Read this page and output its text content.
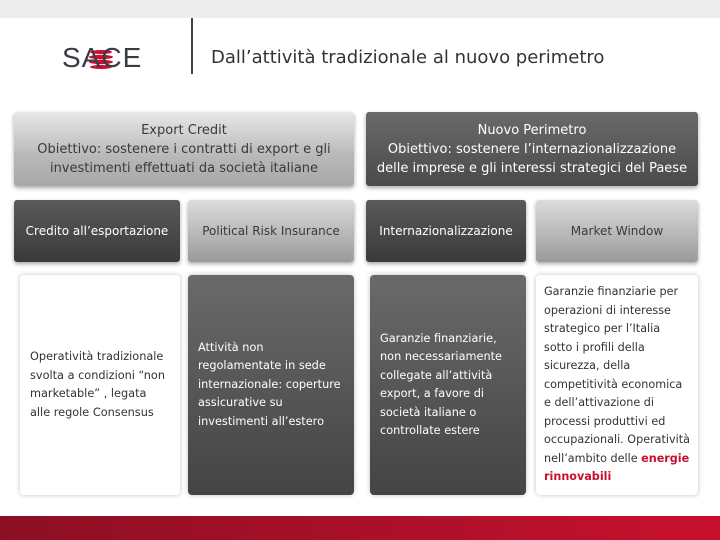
SACE	Dall’attività tradizionale al nuovo perimetro
Export Credit
Obiettivo: sostenere i contratti di export e gli investimenti effettuati da società italiane
Credito all’esportazione	Political Risk Insurance
Operatività tradizionale svolta a condizioni “non marketable” , legata alle regole Consensus
Attività non regolamentate in sede internazionale: coperture assicurative su investimenti all’estero
Nuovo Perimetro
Obiettivo: sostenere l’internazionalizzazione delle imprese e gli interessi strategici del Paese
Internazionalizzazione	Market Window
Garanzie finanziarie, non necessariamente collegate all’attività export, a favore di società italiane o controllate estere
Garanzie finanziarie per operazioni di interesse strategico per l’Italia sotto i profili della sicurezza, della competitività economica e dell’attivazione di processi produttivi ed occupazionali. Operatività nell’ambito delle energie rinnovabili
